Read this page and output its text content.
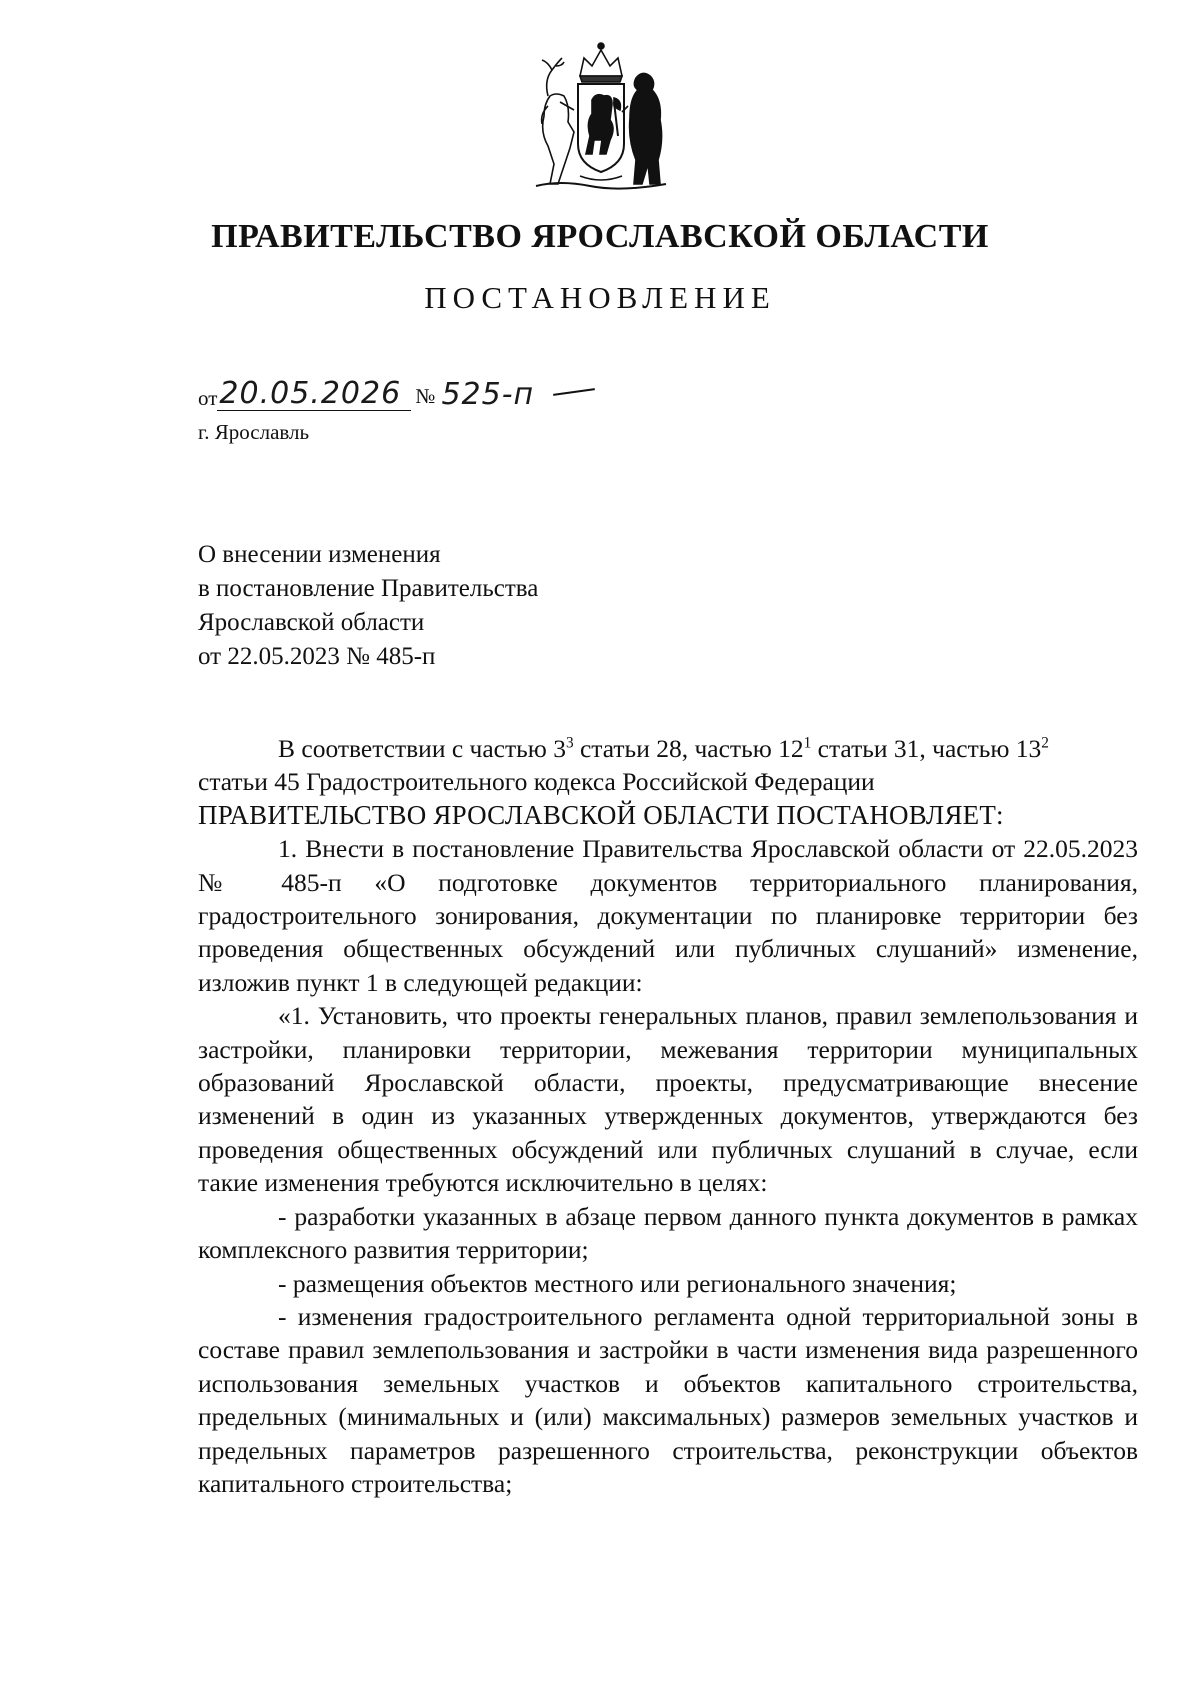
ПРАВИТЕЛЬСТВО ЯРОСЛАВСКОЙ ОБЛАСТИ
ПОСТАНОВЛЕНИЕ
от 20.05.2026 № 525-п
г. Ярославль
О внесении изменения
в постановление Правительства
Ярославской области
от 22.05.2023 № 485-п

В соответствии с частью $3^3$ статьи 28, частью $12^1$ статьи 31, частью $13^2$

статьи 45 Градостроительного кодекса Российской Федерации

ПРАВИТЕЛЬСТВО ЯРОСЛАВСКОЙ ОБЛАСТИ ПОСТАНОВЛЯЕТ:

1. Внести в постановление Правительства Ярославской области от 22.05.2023 № 485-п «О подготовке документов территориального планирования, градостроительного зонирования, документации по планировке территории без проведения общественных обсуждений или публичных слушаний» изменение, изложив пункт 1 в следующей редакции:

«1. Установить, что проекты генеральных планов, правил землепользования и застройки, планировки территории, межевания территории муниципальных образований Ярославской области, проекты, предусматривающие внесение изменений в один из указанных утвержденных документов, утверждаются без проведения общественных обсуждений или публичных слушаний в случае, если такие изменения требуются исключительно в целях:

- разработки указанных в абзаце первом данного пункта документов в рамках комплексного развития территории;

- размещения объектов местного или регионального значения;

- изменения градостроительного регламента одной территориальной зоны в составе правил землепользования и застройки в части изменения вида разрешенного использования земельных участков и объектов капитального строительства, предельных (минимальных и (или) максимальных) размеров земельных участков и предельных параметров разрешенного строительства, реконструкции объектов капитального строительства;
